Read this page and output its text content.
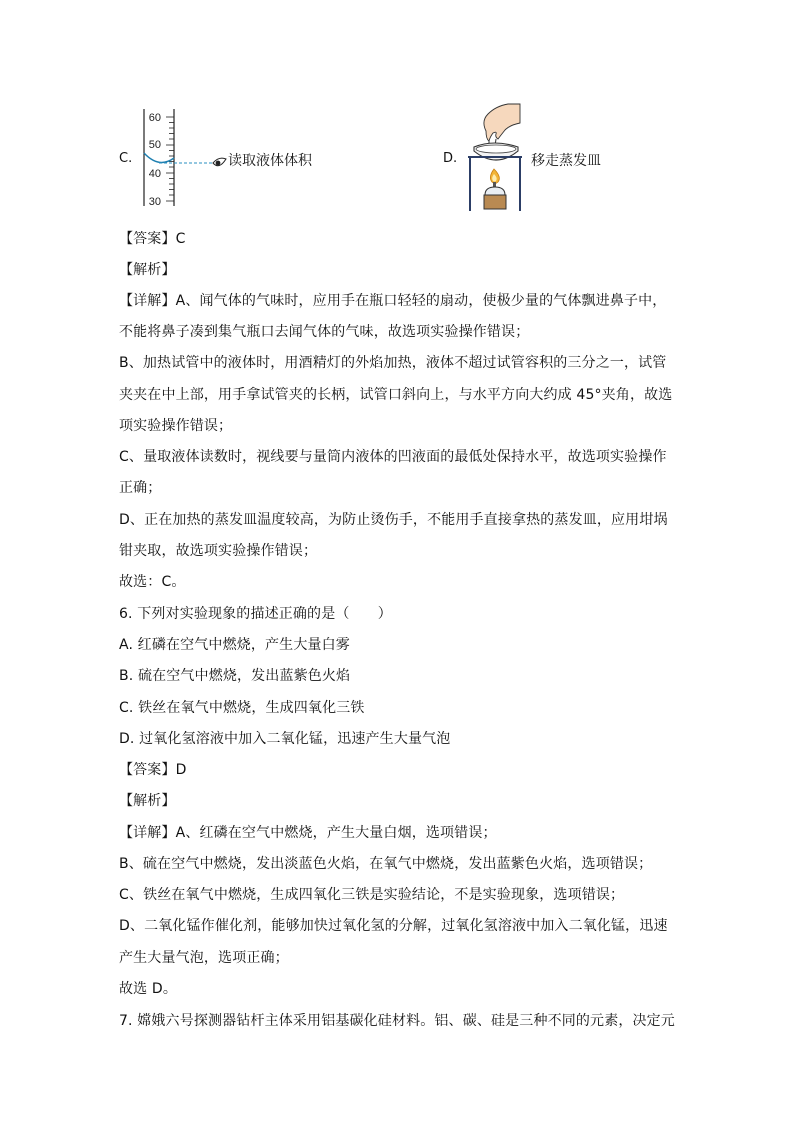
C.
60
50
40
30
读取液体体积	D.	移走蒸发皿
【答案】C
【解析】
【详解】A、闻气体的气味时，应用手在瓶口轻轻的扇动，使极少量的气体飘进鼻子中，
不能将鼻子凑到集气瓶口去闻气体的气味，故选项实验操作错误；
B、加热试管中的液体时，用酒精灯的外焰加热，液体不超过试管容积的三分之一，试管
夹夹在中上部，用手拿试管夹的长柄，试管口斜向上，与水平方向大约成 45°夹角，故选
项实验操作错误；
C、量取液体读数时，视线要与量筒内液体的凹液面的最低处保持水平，故选项实验操作
正确；
D、正在加热的蒸发皿温度较高，为防止烫伤手，不能用手直接拿热的蒸发皿，应用坩埚
钳夹取，故选项实验操作错误；
故选：C。
6. 下列对实验现象的描述正确的是（　　）
A. 红磷在空气中燃烧，产生大量白雾
B. 硫在空气中燃烧，发出蓝紫色火焰
C. 铁丝在氧气中燃烧，生成四氧化三铁
D. 过氧化氢溶液中加入二氧化锰，迅速产生大量气泡
【答案】D
【解析】
【详解】A、红磷在空气中燃烧，产生大量白烟，选项错误；
B、硫在空气中燃烧，发出淡蓝色火焰，在氧气中燃烧，发出蓝紫色火焰，选项错误；
C、铁丝在氧气中燃烧，生成四氧化三铁是实验结论，不是实验现象，选项错误；
D、二氧化锰作催化剂，能够加快过氧化氢的分解，过氧化氢溶液中加入二氧化锰，迅速
产生大量气泡，选项正确；
故选 D。
7. 嫦娥六号探测器钻杆主体采用铝基碳化硅材料。铝、碳、硅是三种不同的元素，决定元
